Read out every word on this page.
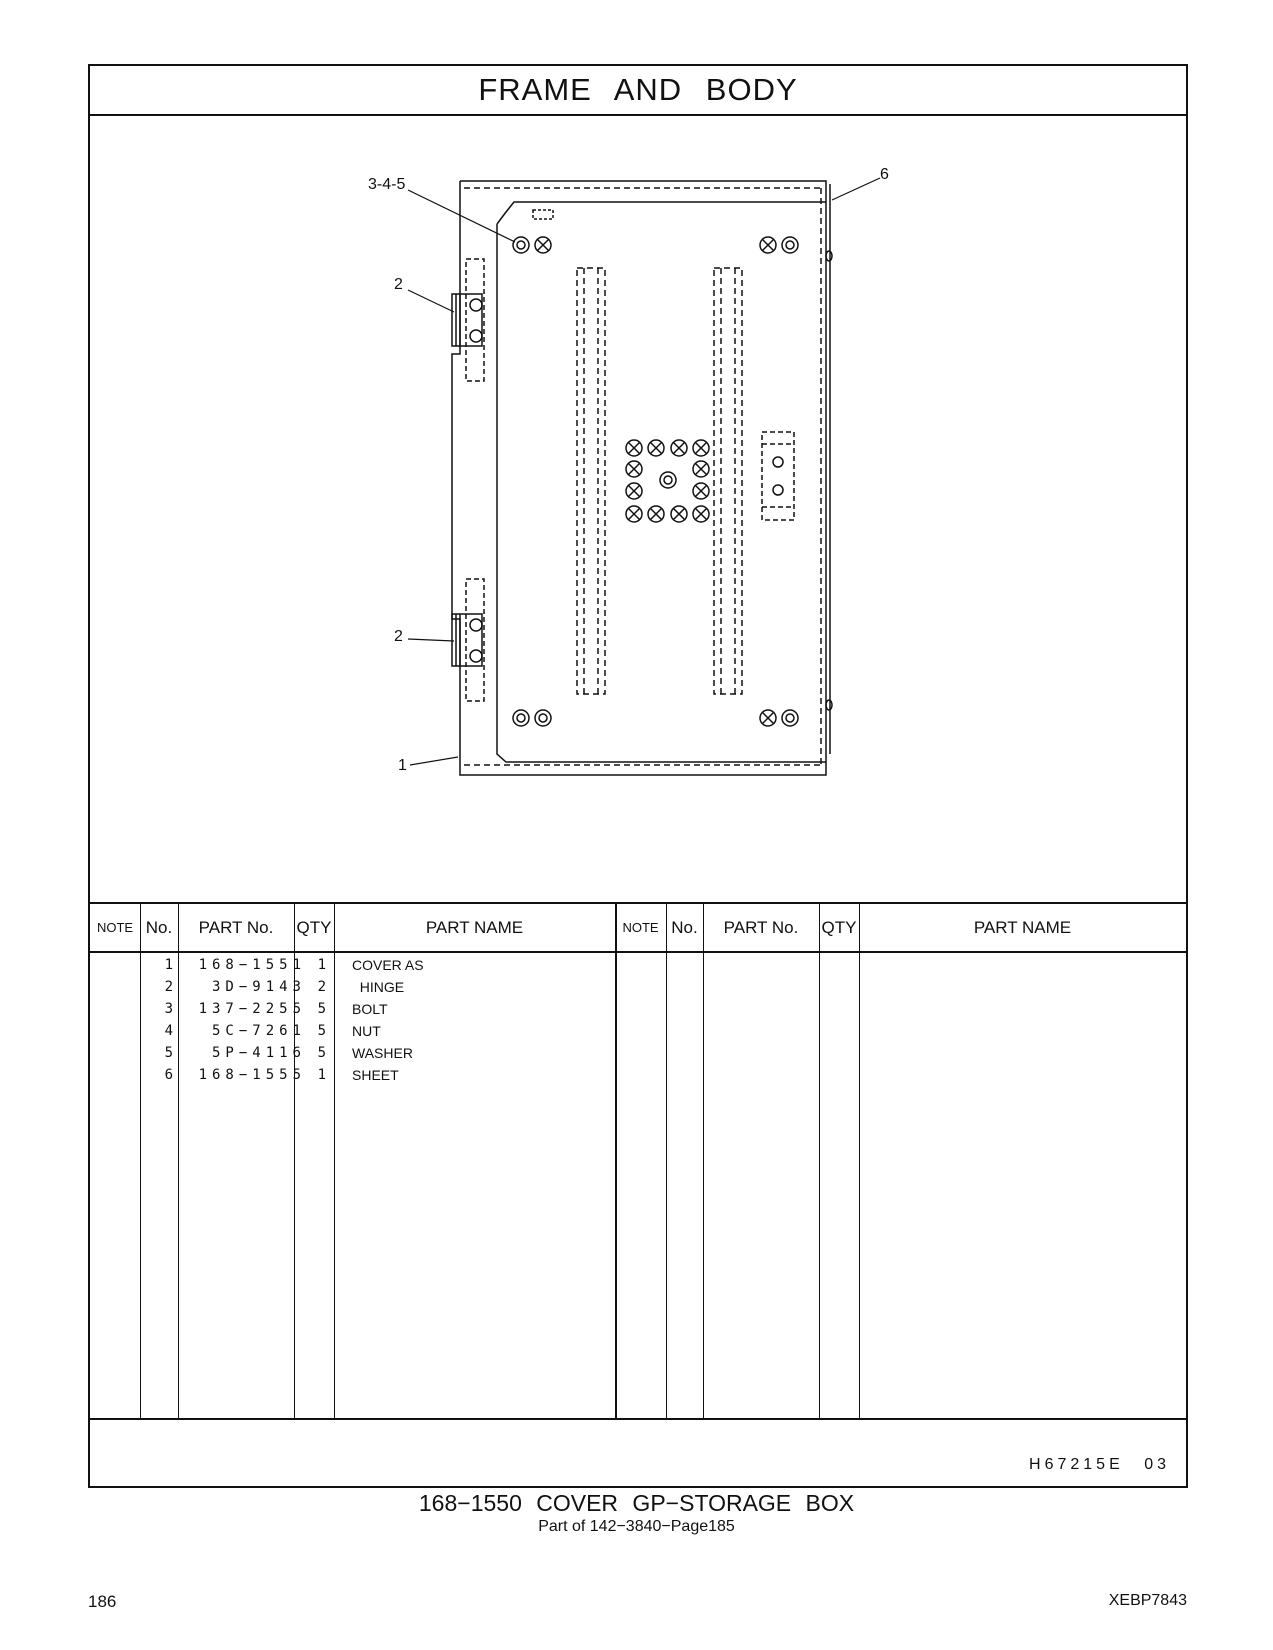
FRAME AND BODY
3-4-5
6
2
2
1
NOTE No.	PART No.	QTY	PART NAME	NOTE No.	PART No.	QTY	PART NAME
1	168−1551 1 COVER AS
2	3D−9143 2 HINGE
3	137−2255 5 BOLT
4	5C−7261 5 NUT
5	5P−4116 5 WASHER
6	168−1555 1 SHEET
H67215E 03
168−1550 COVER GP−STORAGE BOX
Part of 142−3840−Page185
186	XEBP7843
